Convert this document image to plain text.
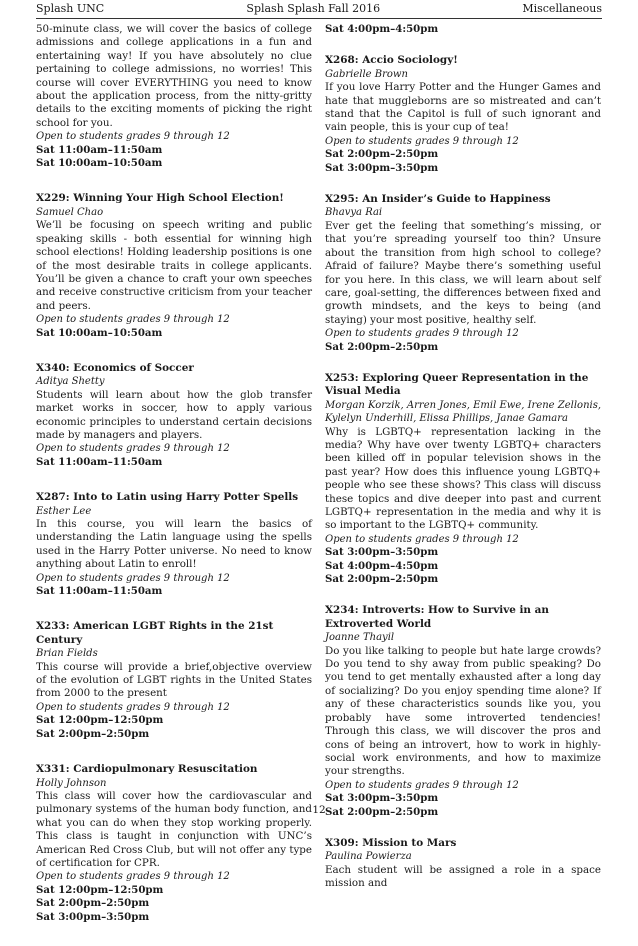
Splash UNC	Splash Splash Fall 2016	Miscellaneous
50-minute class, we will cover the basics of college admissions and college applications in a fun and entertaining way! If you have absolutely no clue pertaining to college admissions, no worries! This course will cover EVERYTHING you need to know about the application process, from the nitty-gritty details to the exciting moments of picking the right school for you.
Open to students grades 9 through 12
Sat 11:00am–11:50am
Sat 10:00am–10:50am
X229: Winning Your High School Election!
Samuel Chao
We’ll be focusing on speech writing and public speaking skills - both essential for winning high school elections! Holding leadership positions is one of the most desirable traits in college applicants. You’ll be given a chance to craft your own speeches and receive constructive criticism from your teacher and peers.
Open to students grades 9 through 12
Sat 10:00am–10:50am
X340: Economics of Soccer
Aditya Shetty
Students will learn about how the glob transfer market works in soccer, how to apply various economic principles to understand certain decisions made by managers and players.
Open to students grades 9 through 12
Sat 11:00am–11:50am
X287: Into to Latin using Harry Potter Spells
Esther Lee
In this course, you will learn the basics of understanding the Latin language using the spells used in the Harry Potter universe. No need to know anything about Latin to enroll!
Open to students grades 9 through 12
Sat 11:00am–11:50am
X233: American LGBT Rights in the 21st Century
Brian Fields
This course will provide a brief,objective overview of the evolution of LGBT rights in the United States from 2000 to the present
Open to students grades 9 through 12
Sat 12:00pm–12:50pm
Sat 2:00pm–2:50pm
X331: Cardiopulmonary Resuscitation
Holly Johnson
This class will cover how the cardiovascular and pulmonary systems of the human body function, and what you can do when they stop working properly. This class is taught in conjunction with UNC’s American Red Cross Club, but will not offer any type of certification for CPR.
Open to students grades 9 through 12
Sat 12:00pm–12:50pm
Sat 2:00pm–2:50pm
Sat 3:00pm–3:50pm
Sat 4:00pm–4:50pm
X268: Accio Sociology!
Gabrielle Brown
If you love Harry Potter and the Hunger Games and hate that muggleborns are so mistreated and can’t stand that the Capitol is full of such ignorant and vain people, this is your cup of tea!
Open to students grades 9 through 12
Sat 2:00pm–2:50pm
Sat 3:00pm–3:50pm
X295: An Insider’s Guide to Happiness
Bhavya Rai
Ever get the feeling that something’s missing, or that you’re spreading yourself too thin? Unsure about the transition from high school to college? Afraid of failure? Maybe there’s something useful for you here. In this class, we will learn about self care, goal-setting, the differences between fixed and growth mindsets, and the keys to being (and staying) your most positive, healthy self.
Open to students grades 9 through 12
Sat 2:00pm–2:50pm
X253: Exploring Queer Representation in the Visual Media
Morgan Korzik, Arren Jones, Emil Ewe, Irene Zellonis, Kylelyn Underhill, Elissa Phillips, Janae Gamara
Why is LGBTQ+ representation lacking in the media? Why have over twenty LGBTQ+ characters been killed off in popular television shows in the past year? How does this influence young LGBTQ+ people who see these shows? This class will discuss these topics and dive deeper into past and current LGBTQ+ representation in the media and why it is so important to the LGBTQ+ community.
Open to students grades 9 through 12
Sat 3:00pm–3:50pm
Sat 4:00pm–4:50pm
Sat 2:00pm–2:50pm
X234: Introverts: How to Survive in an Extroverted World
Joanne Thayil
Do you like talking to people but hate large crowds? Do you tend to shy away from public speaking? Do you tend to get mentally exhausted after a long day of socializing? Do you enjoy spending time alone? If any of these characteristics sounds like you, you probably have some introverted tendencies! Through this class, we will discover the pros and cons of being an introvert, how to work in highly-social work environments, and how to maximize your strengths.
Open to students grades 9 through 12
Sat 3:00pm–3:50pm
Sat 2:00pm–2:50pm
X309: Mission to Mars
Paulina Powierza
Each student will be assigned a role in a space mission and
12
